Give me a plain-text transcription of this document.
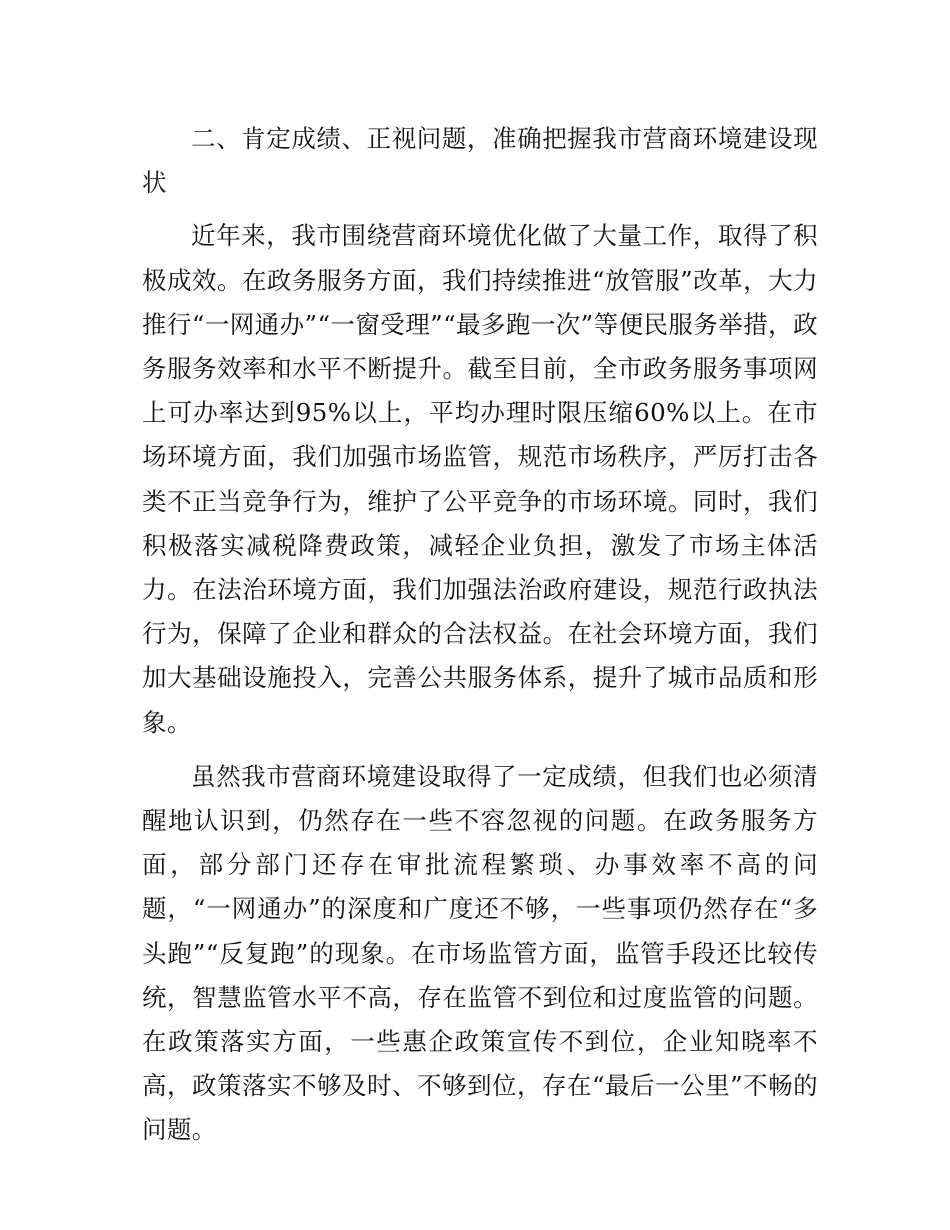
二、肯定成绩、正视问题，准确把握我市营商环境建设现状

近年来，我市围绕营商环境优化做了大量工作，取得了积极成效。在政务服务方面，我们持续推进“放管服”改革，大力推行“一网通办”“一窗受理”“最多跑一次”等便民服务举措，政务服务效率和水平不断提升。截至目前，全市政务服务事项网上可办率达到95%以上，平均办理时限压缩60%以上。在市场环境方面，我们加强市场监管，规范市场秩序，严厉打击各类不正当竞争行为，维护了公平竞争的市场环境。同时，我们积极落实减税降费政策，减轻企业负担，激发了市场主体活力。在法治环境方面，我们加强法治政府建设，规范行政执法行为，保障了企业和群众的合法权益。在社会环境方面，我们加大基础设施投入，完善公共服务体系，提升了城市品质和形象。

虽然我市营商环境建设取得了一定成绩，但我们也必须清醒地认识到，仍然存在一些不容忽视的问题。在政务服务方面，部分部门还存在审批流程繁琐、办事效率不高的问题，“一网通办”的深度和广度还不够，一些事项仍然存在“多头跑”“反复跑”的现象。在市场监管方面，监管手段还比较传统，智慧监管水平不高，存在监管不到位和过度监管的问题。在政策落实方面，一些惠企政策宣传不到位，企业知晓率不高，政策落实不够及时、不够到位，存在“最后一公里”不畅的问题。
